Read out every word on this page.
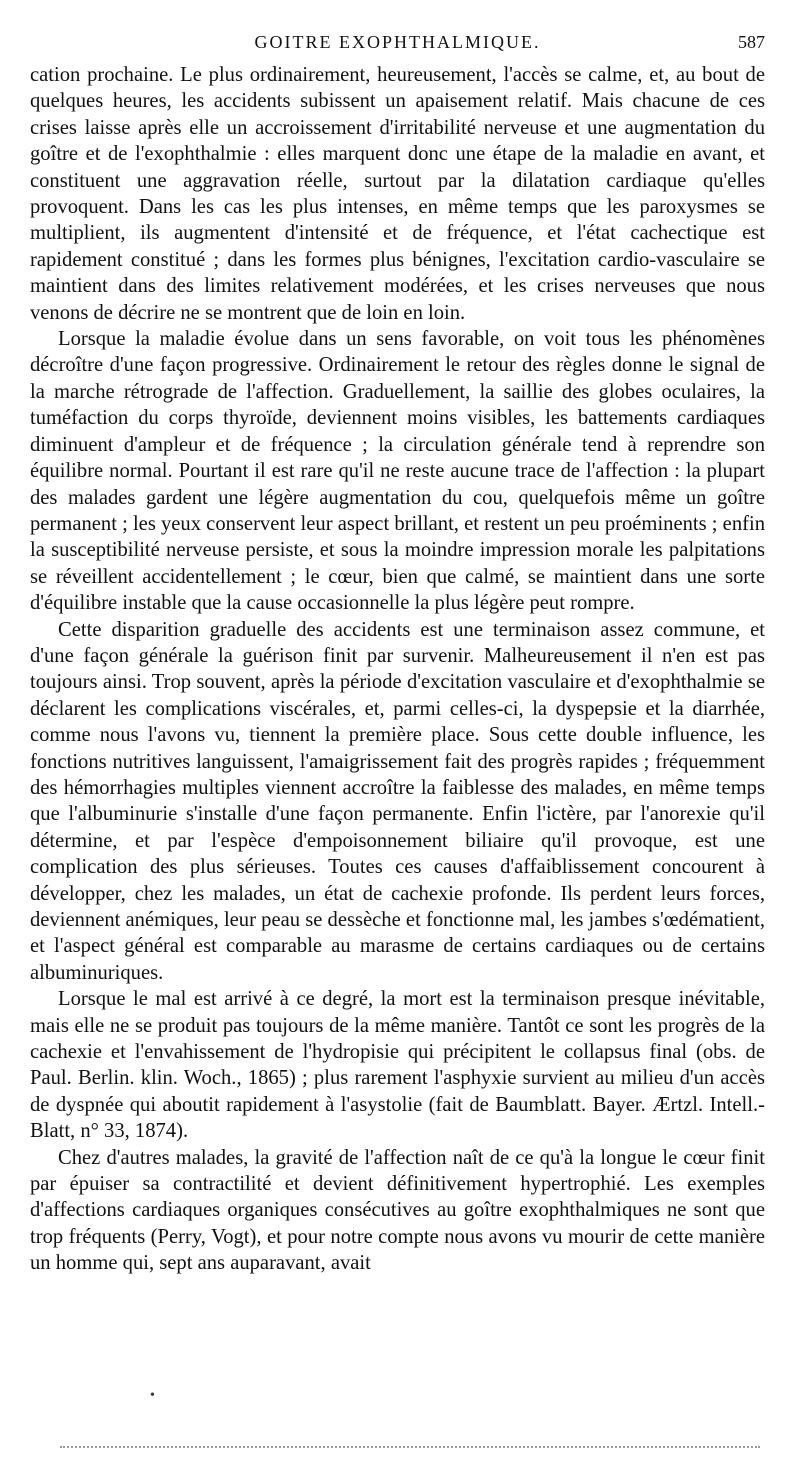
GOITRE EXOPHTHALMIQUE.	587

cation prochaine. Le plus ordinairement, heureusement, l'accès se calme, et, au bout de quelques heures, les accidents subissent un apaisement relatif. Mais chacune de ces crises laisse après elle un accroissement d'irritabilité nerveuse et une augmentation du goître et de l'exophthalmie : elles marquent donc une étape de la maladie en avant, et constituent une aggravation réelle, surtout par la dilatation cardiaque qu'elles provoquent. Dans les cas les plus intenses, en même temps que les paroxysmes se multiplient, ils augmentent d'intensité et de fréquence, et l'état cachectique est rapidement constitué ; dans les formes plus bénignes, l'excitation cardio-vasculaire se maintient dans des limites relativement modérées, et les crises nerveuses que nous venons de décrire ne se montrent que de loin en loin.

Lorsque la maladie évolue dans un sens favorable, on voit tous les phénomènes décroître d'une façon progressive. Ordinairement le retour des règles donne le signal de la marche rétrograde de l'affection. Graduellement, la saillie des globes oculaires, la tuméfaction du corps thyroïde, deviennent moins visibles, les battements cardiaques diminuent d'ampleur et de fréquence ; la circulation générale tend à reprendre son équilibre normal. Pourtant il est rare qu'il ne reste aucune trace de l'affection : la plupart des malades gardent une légère augmentation du cou, quelquefois même un goître permanent ; les yeux conservent leur aspect brillant, et restent un peu proéminents ; enfin la susceptibilité nerveuse persiste, et sous la moindre impression morale les palpitations se réveillent accidentellement ; le cœur, bien que calmé, se maintient dans une sorte d'équilibre instable que la cause occasionnelle la plus légère peut rompre.

Cette disparition graduelle des accidents est une terminaison assez commune, et d'une façon générale la guérison finit par survenir. Malheureusement il n'en est pas toujours ainsi. Trop souvent, après la période d'excitation vasculaire et d'exophthalmie se déclarent les complications viscérales, et, parmi celles-ci, la dyspepsie et la diarrhée, comme nous l'avons vu, tiennent la première place. Sous cette double influence, les fonctions nutritives languissent, l'amaigrissement fait des progrès rapides ; fréquemment des hémorrhagies multiples viennent accroître la faiblesse des malades, en même temps que l'albuminurie s'installe d'une façon permanente. Enfin l'ictère, par l'anorexie qu'il détermine, et par l'espèce d'empoisonnement biliaire qu'il provoque, est une complication des plus sérieuses. Toutes ces causes d'affaiblissement concourent à développer, chez les malades, un état de cachexie profonde. Ils perdent leurs forces, deviennent anémiques, leur peau se dessèche et fonctionne mal, les jambes s'œdématient, et l'aspect général est comparable au marasme de certains cardiaques ou de certains albuminuriques.

Lorsque le mal est arrivé à ce degré, la mort est la terminaison presque inévitable, mais elle ne se produit pas toujours de la même manière. Tantôt ce sont les progrès de la cachexie et l'envahissement de l'hydropisie qui précipitent le collapsus final (obs. de Paul. Berlin. klin. Woch., 1865) ; plus rarement l'asphyxie survient au milieu d'un accès de dyspnée qui aboutit rapidement à l'asystolie (fait de Baumblatt. Bayer. Ærtzl. Intell.-Blatt, n° 33, 1874).

Chez d'autres malades, la gravité de l'affection naît de ce qu'à la longue le cœur finit par épuiser sa contractilité et devient définitivement hypertrophié. Les exemples d'affections cardiaques organiques consécutives au goître exophthalmiques ne sont que trop fréquents (Perry, Vogt), et pour notre compte nous avons vu mourir de cette manière un homme qui, sept ans auparavant, avait

•
